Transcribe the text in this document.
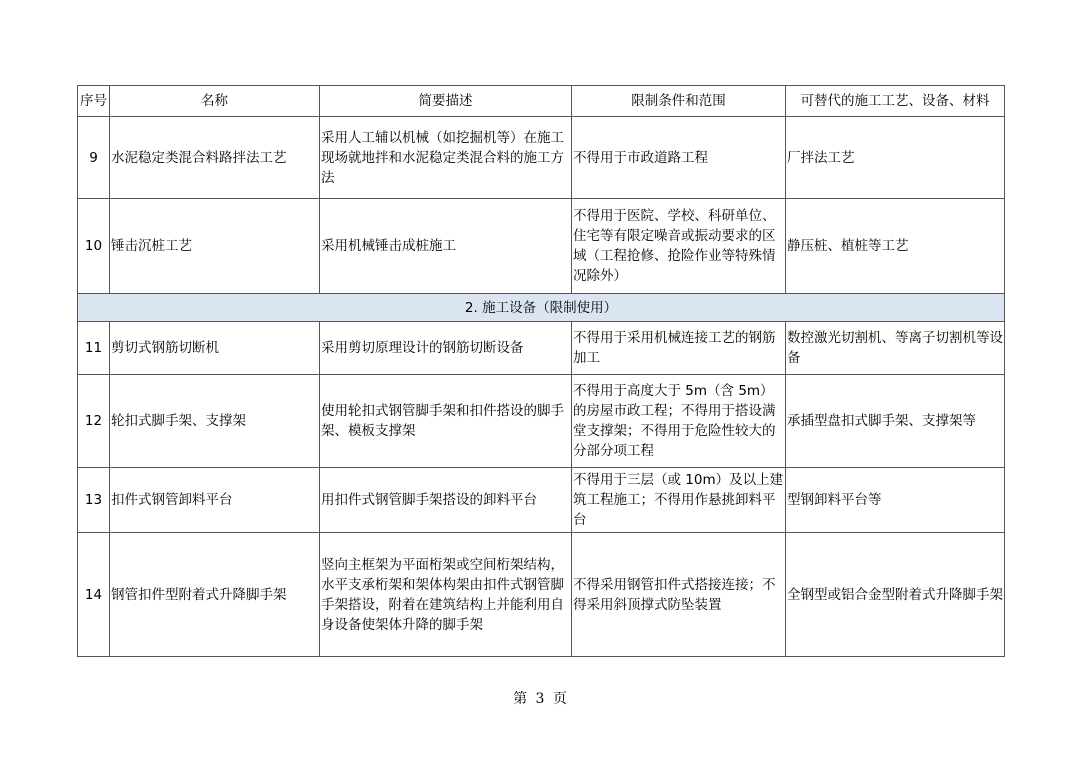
序号	名称	简要描述	限制条件和范围	可替代的施工工艺、设备、材料
9	水泥稳定类混合料路拌法工艺	采用人工辅以机械（如挖掘机等）在施工现场就地拌和水泥稳定类混合料的施工方法	不得用于市政道路工程	厂拌法工艺
10	锤击沉桩工艺	采用机械锤击成桩施工	不得用于医院、学校、科研单位、住宅等有限定噪音或振动要求的区域（工程抢修、抢险作业等特殊情况除外）	静压桩、植桩等工艺
2. 施工设备（限制使用）				
11	剪切式钢筋切断机	采用剪切原理设计的钢筋切断设备	不得用于采用机械连接工艺的钢筋加工	数控激光切割机、等离子切割机等设备
12	轮扣式脚手架、支撑架	使用轮扣式钢管脚手架和扣件搭设的脚手架、模板支撑架	不得用于高度大于 5m（含 5m）的房屋市政工程；不得用于搭设满堂支撑架；不得用于危险性较大的分部分项工程	承插型盘扣式脚手架、支撑架等
13	扣件式钢管卸料平台	用扣件式钢管脚手架搭设的卸料平台	不得用于三层（或 10m）及以上建筑工程施工；不得用作悬挑卸料平台	型钢卸料平台等
14	钢管扣件型附着式升降脚手架	竖向主框架为平面桁架或空间桁架结构，水平支承桁架和架体构架由扣件式钢管脚手架搭设，附着在建筑结构上并能利用自身设备使架体升降的脚手架	不得采用钢管扣件式搭接连接；不得采用斜顶撑式防坠装置	全钢型或铝合金型附着式升降脚手架
第 3 页
